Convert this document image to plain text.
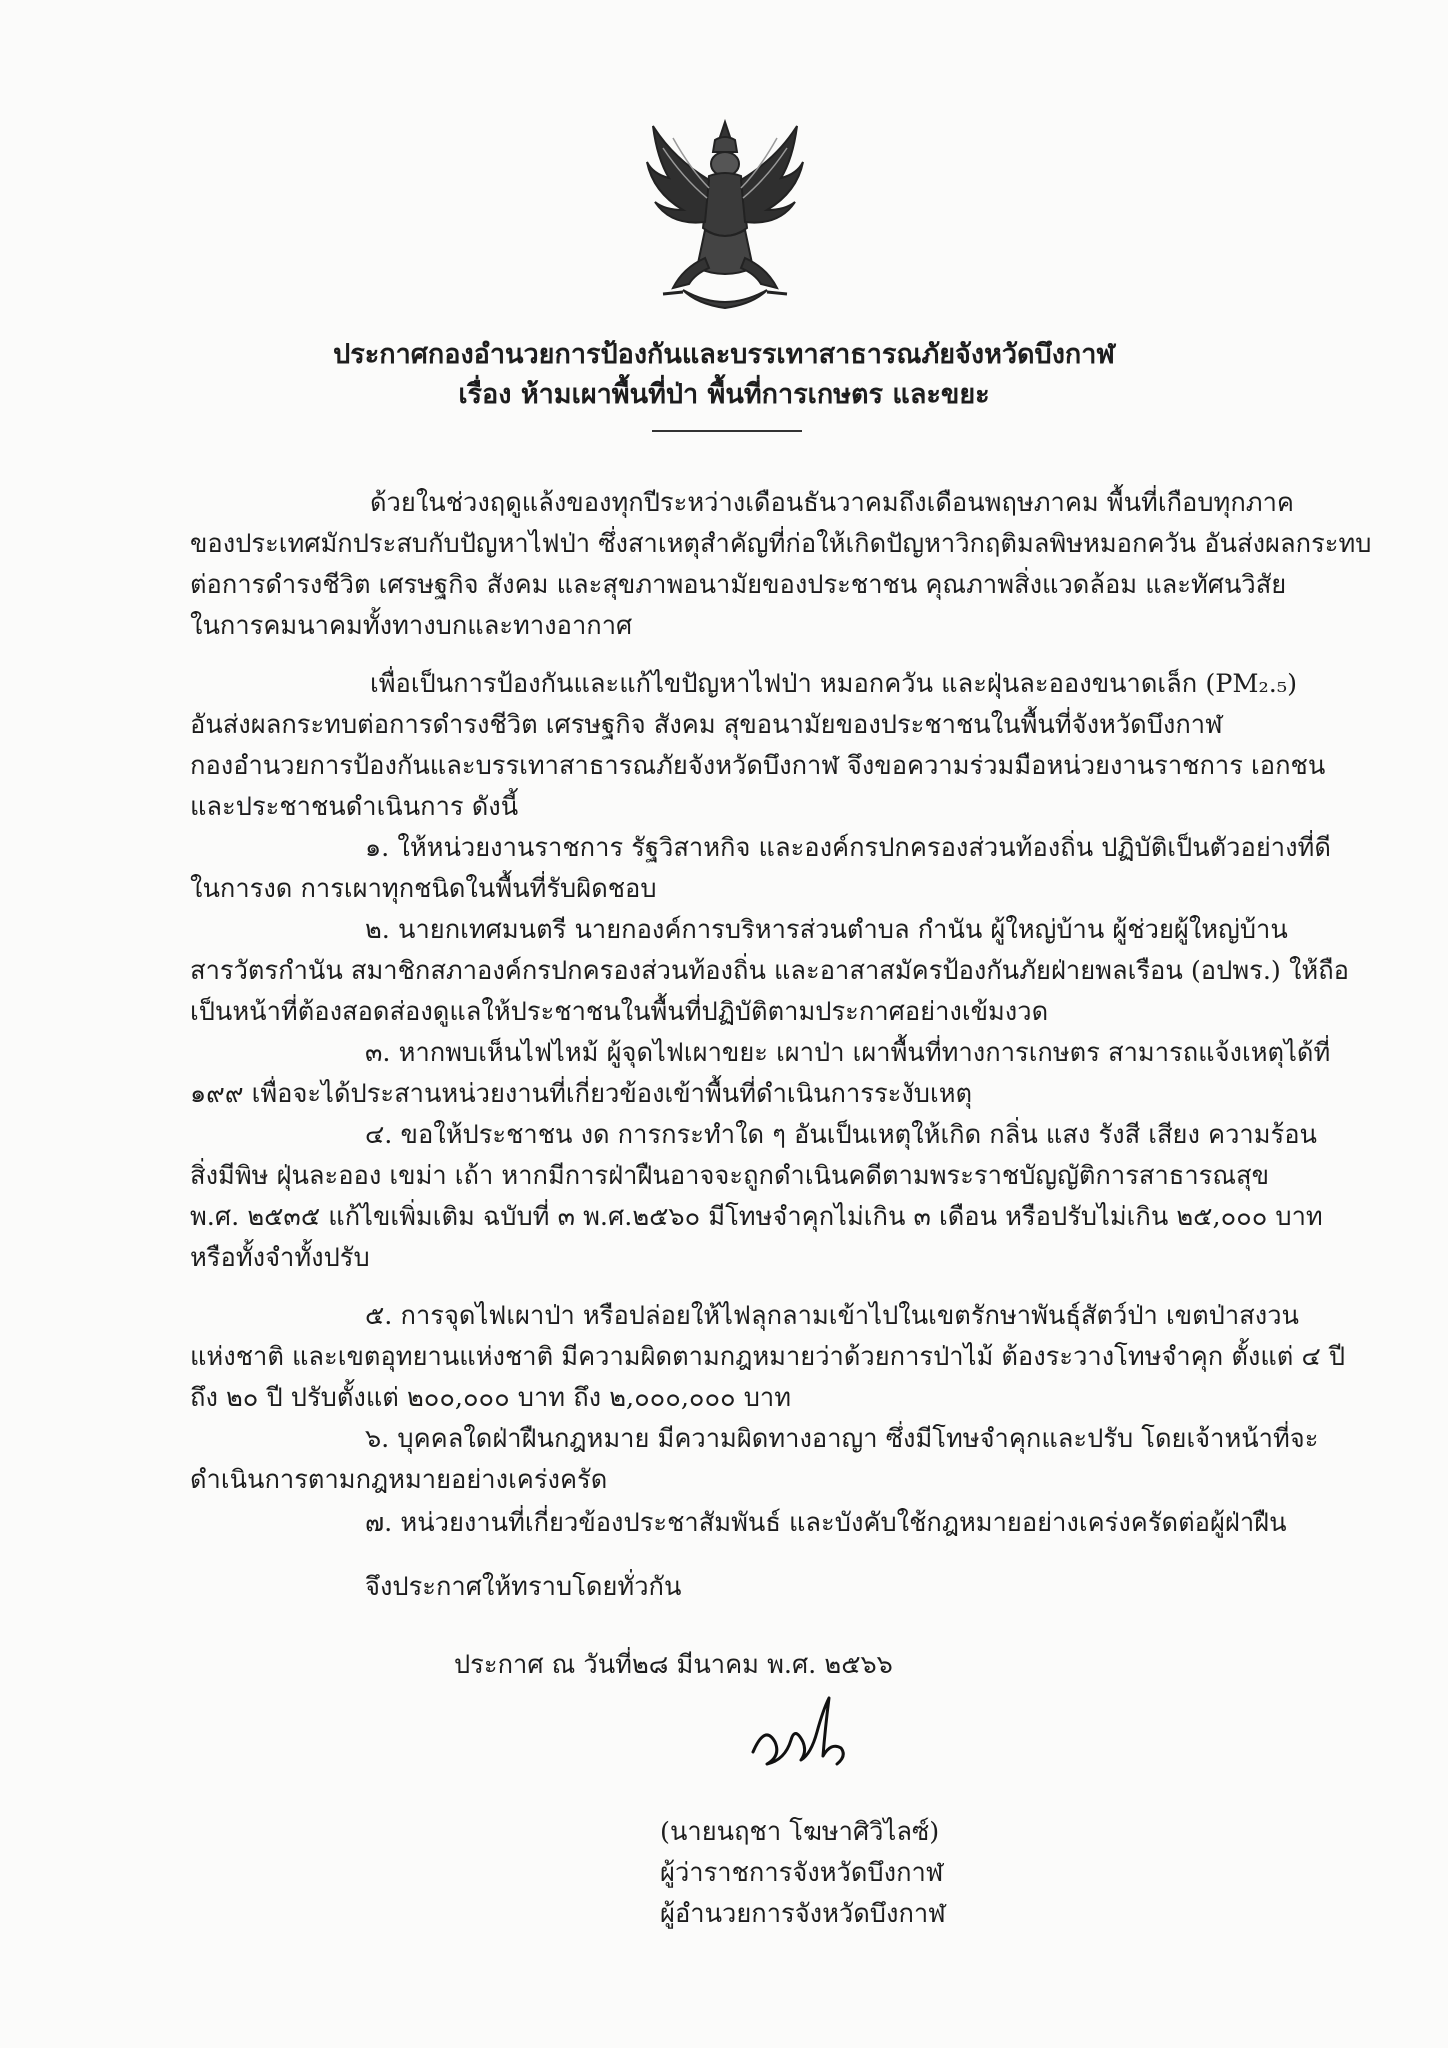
ประกาศกองอำนวยการป้องกันและบรรเทาสาธารณภัยจังหวัดบึงกาฬ
เรื่อง ห้ามเผาพื้นที่ป่า พื้นที่การเกษตร และขยะ
ด้วยในช่วงฤดูแล้งของทุกปีระหว่างเดือนธันวาคมถึงเดือนพฤษภาคม พื้นที่เกือบทุกภาค
ของประเทศมักประสบกับปัญหาไฟป่า ซึ่งสาเหตุสำคัญที่ก่อให้เกิดปัญหาวิกฤติมลพิษหมอกควัน อันส่งผลกระทบ
ต่อการดำรงชีวิต เศรษฐกิจ สังคม และสุขภาพอนามัยของประชาชน คุณภาพสิ่งแวดล้อม และทัศนวิสัย
ในการคมนาคมทั้งทางบกและทางอากาศ
เพื่อเป็นการป้องกันและแก้ไขปัญหาไฟป่า หมอกควัน และฝุ่นละอองขนาดเล็ก (PM₂.₅)
อันส่งผลกระทบต่อการดำรงชีวิต เศรษฐกิจ สังคม สุขอนามัยของประชาชนในพื้นที่จังหวัดบึงกาฬ
กองอำนวยการป้องกันและบรรเทาสาธารณภัยจังหวัดบึงกาฬ จึงขอความร่วมมือหน่วยงานราชการ เอกชน
และประชาชนดำเนินการ ดังนี้
๑. ให้หน่วยงานราชการ รัฐวิสาหกิจ และองค์กรปกครองส่วนท้องถิ่น ปฏิบัติเป็นตัวอย่างที่ดี
ในการงด การเผาทุกชนิดในพื้นที่รับผิดชอบ
๒. นายกเทศมนตรี นายกองค์การบริหารส่วนตำบล กำนัน ผู้ใหญ่บ้าน ผู้ช่วยผู้ใหญ่บ้าน
สารวัตรกำนัน สมาชิกสภาองค์กรปกครองส่วนท้องถิ่น และอาสาสมัครป้องกันภัยฝ่ายพลเรือน (อปพร.) ให้ถือ
เป็นหน้าที่ต้องสอดส่องดูแลให้ประชาชนในพื้นที่ปฏิบัติตามประกาศอย่างเข้มงวด
๓. หากพบเห็นไฟไหม้ ผู้จุดไฟเผาขยะ เผาป่า เผาพื้นที่ทางการเกษตร สามารถแจ้งเหตุได้ที่
๑๙๙ เพื่อจะได้ประสานหน่วยงานที่เกี่ยวข้องเข้าพื้นที่ดำเนินการระงับเหตุ
๔. ขอให้ประชาชน งด การกระทำใด ๆ อันเป็นเหตุให้เกิด กลิ่น แสง รังสี เสียง ความร้อน
สิ่งมีพิษ ฝุ่นละออง เขม่า เถ้า หากมีการฝ่าฝืนอาจจะถูกดำเนินคดีตามพระราชบัญญัติการสาธารณสุข
พ.ศ. ๒๕๓๕ แก้ไขเพิ่มเติม ฉบับที่ ๓ พ.ศ.๒๕๖๐ มีโทษจำคุกไม่เกิน ๓ เดือน หรือปรับไม่เกิน ๒๕,๐๐๐ บาท
หรือทั้งจำทั้งปรับ
๕. การจุดไฟเผาป่า หรือปล่อยให้ไฟลุกลามเข้าไปในเขตรักษาพันธุ์สัตว์ป่า เขตป่าสงวน
แห่งชาติ และเขตอุทยานแห่งชาติ มีความผิดตามกฎหมายว่าด้วยการป่าไม้ ต้องระวางโทษจำคุก ตั้งแต่ ๔ ปี
ถึง ๒๐ ปี ปรับตั้งแต่ ๒๐๐,๐๐๐ บาท ถึง ๒,๐๐๐,๐๐๐ บาท
๖. บุคคลใดฝ่าฝืนกฎหมาย มีความผิดทางอาญา ซึ่งมีโทษจำคุกและปรับ โดยเจ้าหน้าที่จะ
ดำเนินการตามกฎหมายอย่างเคร่งครัด
๗. หน่วยงานที่เกี่ยวข้องประชาสัมพันธ์ และบังคับใช้กฎหมายอย่างเคร่งครัดต่อผู้ฝ่าฝืน
จึงประกาศให้ทราบโดยทั่วกัน
ประกาศ ณ วันที่๒๘ มีนาคม พ.ศ. ๒๕๖๖
(นายนฤชา โฆษาศิวิไลซ์)
ผู้ว่าราชการจังหวัดบึงกาฬ
ผู้อำนวยการจังหวัดบึงกาฬ
